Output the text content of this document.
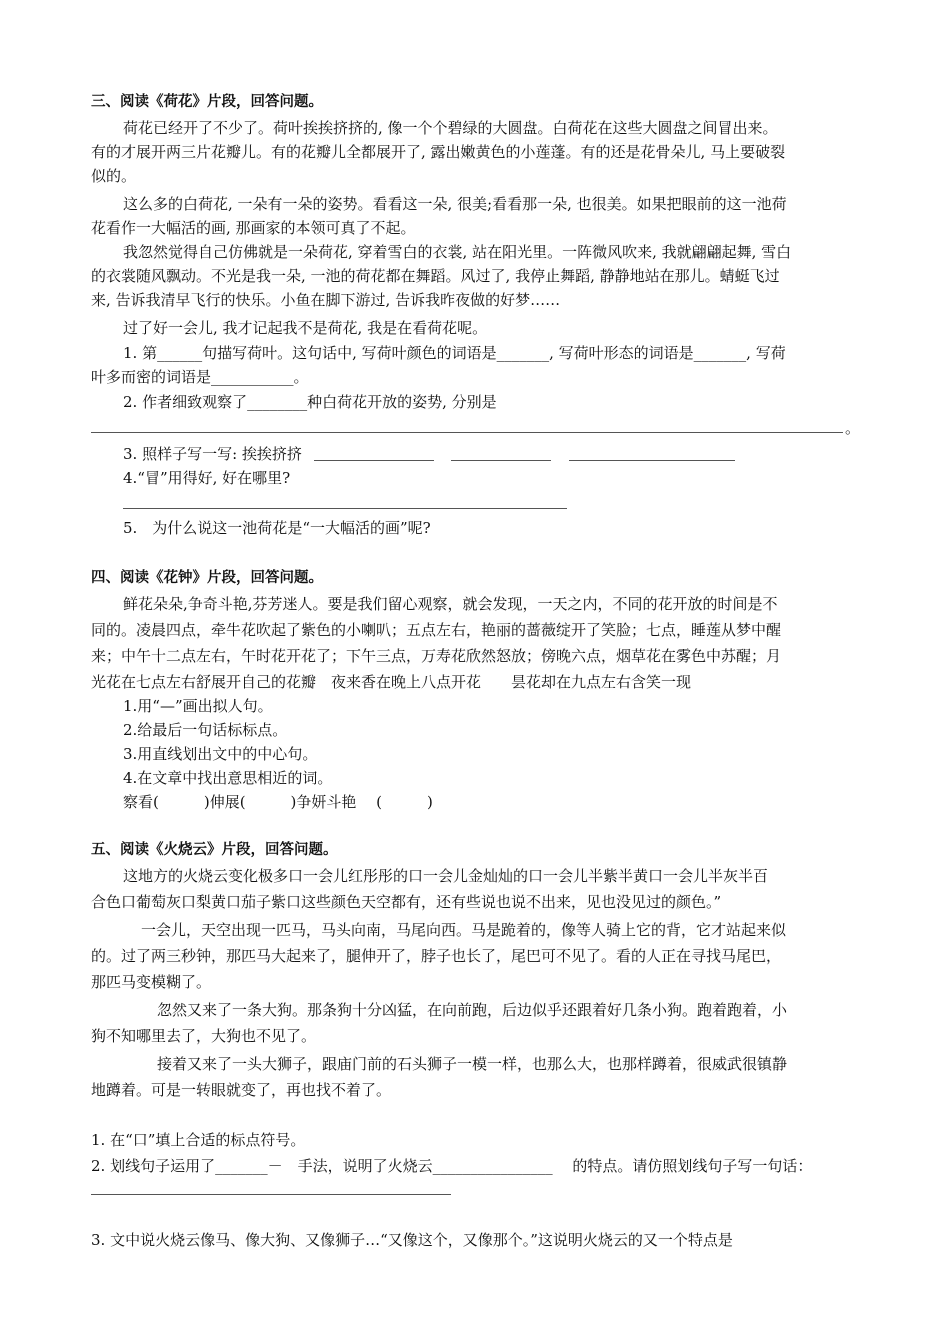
三、阅读《荷花》片段，回答问题。
荷花已经开了不少了。荷叶挨挨挤挤的, 像一个个碧绿的大圆盘。白荷花在这些大圆盘之间冒出来。
有的才展开两三片花瓣儿。有的花瓣儿全都展开了, 露出嫩黄色的小莲蓬。有的还是花骨朵儿, 马上要破裂
似的。
这么多的白荷花, 一朵有一朵的姿势。看看这一朵, 很美;看看那一朵, 也很美。如果把眼前的这一池荷
花看作一大幅活的画, 那画家的本领可真了不起。
我忽然觉得自己仿佛就是一朵荷花, 穿着雪白的衣裳, 站在阳光里。一阵微风吹来, 我就翩翩起舞, 雪白
的衣裳随风飘动。不光是我一朵, 一池的荷花都在舞蹈。风过了, 我停止舞蹈, 静静地站在那儿。蜻蜓飞过
来, 告诉我清早飞行的快乐。小鱼在脚下游过, 告诉我昨夜做的好梦……
过了好一会儿, 我才记起我不是荷花, 我是在看荷花呢。
1. 第______句描写荷叶。这句话中, 写荷叶颜色的词语是_______, 写荷叶形态的词语是_______, 写荷
叶多而密的词语是___________。
2. 作者细致观察了________种白荷花开放的姿势, 分别是
。
3. 照样子写一写: 挨挨挤挤
4.“冒”用得好, 好在哪里?
5.　为什么说这一池荷花是“一大幅活的画”呢?
四、阅读《花钟》片段，回答问题。
鲜花朵朵,争奇斗艳,芬芳迷人。要是我们留心观察，就会发现，一天之内，不同的花开放的时间是不
同的。凌晨四点，牵牛花吹起了紫色的小喇叭；五点左右，艳丽的蔷薇绽开了笑脸；七点，睡莲从梦中醒
来；中午十二点左右，午时花开花了；下午三点，万寿花欣然怒放；傍晚六点，烟草花在雾色中苏醒；月
光花在七点左右舒展开自己的花瓣　夜来香在晚上八点开花　　昙花却在九点左右含笑一现
1.用“—”画出拟人句。
2.给最后一句话标标点。
3.用直线划出文中的中心句。
4.在文章中找出意思相近的词。
察看(　　　)伸展(　　　)争妍斗艳　 (　　　)
五、阅读《火烧云》片段，回答问题。
这地方的火烧云变化极多口一会儿红彤彤的口一会儿金灿灿的口一会儿半紫半黄口一会儿半灰半百
合色口葡萄灰口梨黄口茄子紫口这些颜色天空都有，还有些说也说不出来，见也没见过的颜色。”
一会儿，天空出现一匹马，马头向南，马尾向西。马是跪着的，像等人骑上它的背，它才站起来似
的。过了两三秒钟，那匹马大起来了，腿伸开了，脖子也长了，尾巴可不见了。看的人正在寻找马尾巴，
那匹马变模糊了。
忽然又来了一条大狗。那条狗十分凶猛，在向前跑，后边似乎还跟着好几条小狗。跑着跑着，小
狗不知哪里去了，大狗也不见了。
接着又来了一头大狮子，跟庙门前的石头狮子一模一样，也那么大，也那样蹲着，很威武很镇静
地蹲着。可是一转眼就变了，再也找不着了。
1. 在“口”填上合适的标点符号。
2. 划线句子运用了_______－　手法，说明了火烧云________________　 的特点。请仿照划线句子写一句话：
3. 文中说火烧云像马、像大狗、又像狮子…“又像这个，又像那个。”这说明火烧云的又一个特点是
